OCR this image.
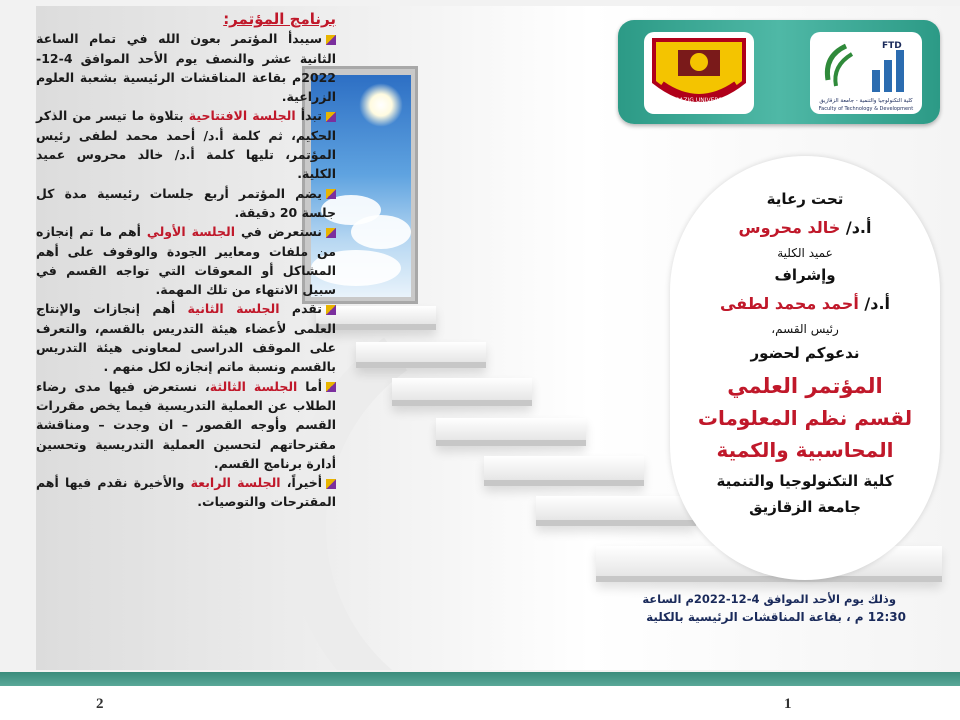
ZAGAZIG UNIVERSITY
FTD
كلية التكنولوجيا والتنمية - جامعة الزقازيق
Faculty of Technology & Development
تحت رعاية
أ.د/ خالد محروس
عميد الكلية
وإشراف
أ.د/ أحمد محمد لطفى
رئيس القسم،
ندعوكم لحضور
المؤتمر العلمي
لقسم نظم المعلومات
المحاسبية والكمية
كلية التكنولوجيا والتنمية
جامعة الزقازيق
وذلك يوم الأحد الموافق 4-12-2022م الساعة
12:30 م ، بقاعة المناقشات الرئيسية بالكلية

برنامج المؤتمر:

سيبدأ المؤتمر بعون الله في تمام الساعة الثانية عشر والنصف يوم الأحد الموافق 4-12-2022م بقاعة المناقشات الرئيسية بشعبة العلوم الزراعية.

تبدأ الجلسة الافتتاحية بتلاوة ما تيسر من الذكر الحكيم، ثم كلمة أ.د/ أحمد محمد لطفى رئيس المؤتمر، تليها كلمة أ.د/ خالد محروس عميد الكلية.

يضم المؤتمر أربع جلسات رئيسية مدة كل جلسة 20 دقيقة.

نستعرض في الجلسة الأولي أهم ما تم إنجازه من ملفات ومعايير الجودة والوقوف على أهم المشاكل أو المعوقات التي تواجه القسم في سبيل الانتهاء من تلك المهمة.

تقدم الجلسة الثانية أهم إنجازات والإنتاج العلمى لأعضاء هيئة التدريس بالقسم، والتعرف على الموقف الدراسى لمعاونى هيئة التدريس بالقسم ونسبة ماتم إنجازه لكل منهم .

أما الجلسة الثالثة، نستعرض فيها مدى رضاء الطلاب عن العملية التدريسية فيما يخص مقررات القسم وأوجه القصور – ان وجدت – ومناقشة مقترحاتهم لتحسين العملية التدريسية وتحسين أدارة برنامج القسم.

أخيراً، الجلسة الرابعة والأخيرة نقدم فيها أهم المقترحات والتوصيات.

2	1
